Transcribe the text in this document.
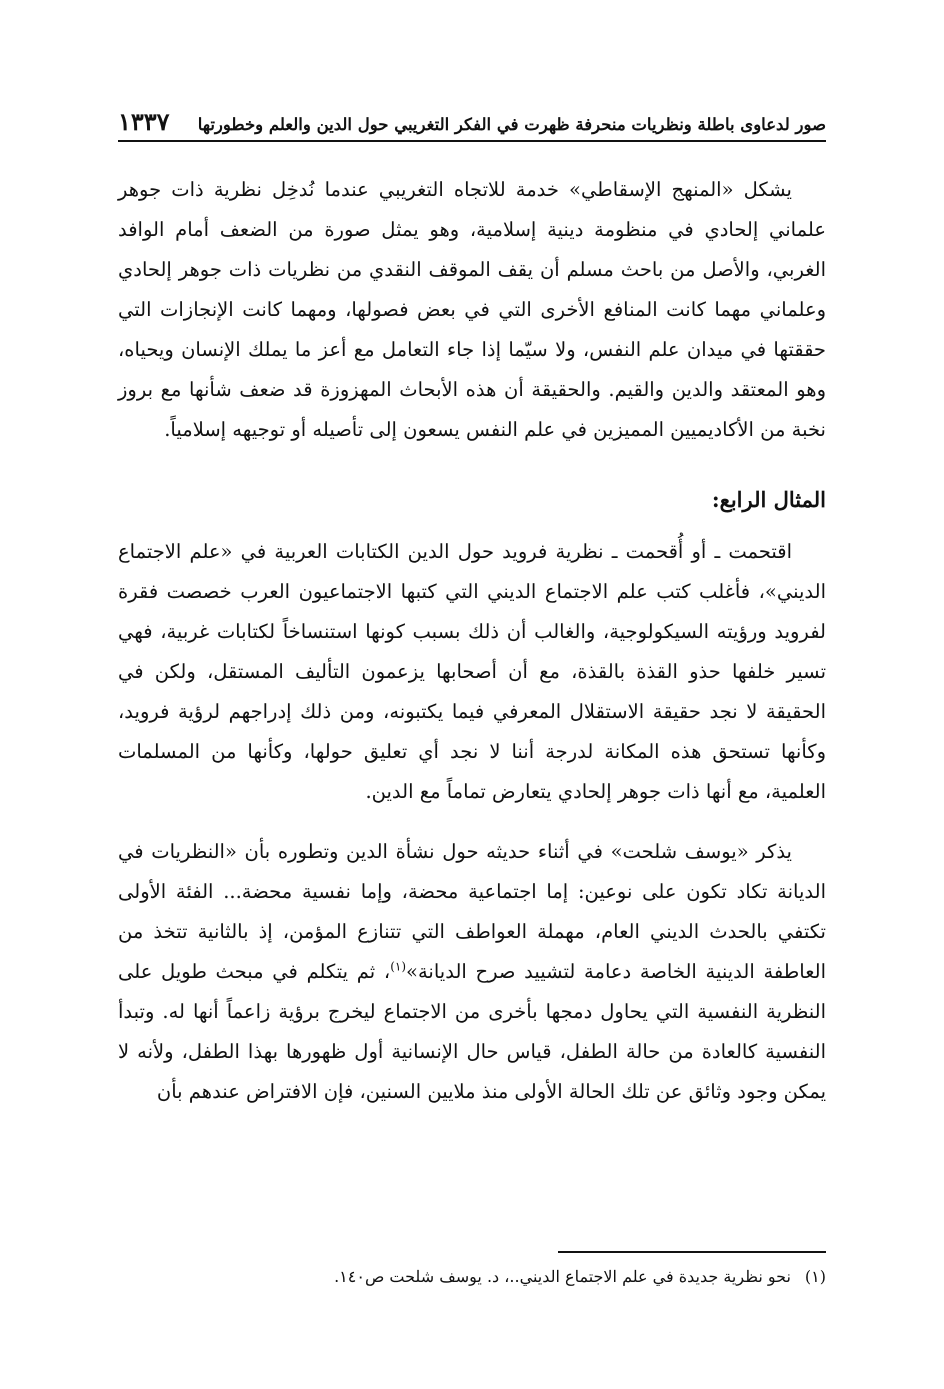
صور لدعاوى باطلة ونظريات منحرفة ظهرت في الفكر التغريبي حول الدين والعلم وخطورتها
١٣٣٧

يشكل «المنهج الإسقاطي» خدمة للاتجاه التغريبي عندما نُدخِل نظرية ذات جوهر علماني إلحادي في منظومة دينية إسلامية، وهو يمثل صورة من الضعف أمام الوافد الغربي، والأصل من باحث مسلم أن يقف الموقف النقدي من نظريات ذات جوهر إلحادي وعلماني مهما كانت المنافع الأخرى التي في بعض فصولها، ومهما كانت الإنجازات التي حققتها في ميدان علم النفس، ولا سيّما إذا جاء التعامل مع أعز ما يملك الإنسان ويحياه، وهو المعتقد والدين والقيم. والحقيقة أن هذه الأبحاث المهزوزة قد ضعف شأنها مع بروز نخبة من الأكاديميين المميزين في علم النفس يسعون إلى تأصيله أو توجيهه إسلامياً.

المثال الرابع:

اقتحمت ـ أو أُقحمت ـ نظرية فرويد حول الدين الكتابات العربية في «علم الاجتماع الديني»، فأغلب كتب علم الاجتماع الديني التي كتبها الاجتماعيون العرب خصصت فقرة لفرويد ورؤيته السيكولوجية، والغالب أن ذلك بسبب كونها استنساخاً لكتابات غربية، فهي تسير خلفها حذو القذة بالقذة، مع أن أصحابها يزعمون التأليف المستقل، ولكن في الحقيقة لا نجد حقيقة الاستقلال المعرفي فيما يكتبونه، ومن ذلك إدراجهم لرؤية فرويد، وكأنها تستحق هذه المكانة لدرجة أننا لا نجد أي تعليق حولها، وكأنها من المسلمات العلمية، مع أنها ذات جوهر إلحادي يتعارض تماماً مع الدين.

يذكر «يوسف شلحت» في أثناء حديثه حول نشأة الدين وتطوره بأن «النظريات في الديانة تكاد تكون على نوعين: إما اجتماعية محضة، وإما نفسية محضة... الفئة الأولى تكتفي بالحدث الديني العام، مهملة العواطف التي تتنازع المؤمن، إذ بالثانية تتخذ من العاطفة الدينية الخاصة دعامة لتشييد صرح الديانة»$^{(١)}$، ثم يتكلم في مبحث طويل على النظرية النفسية التي يحاول دمجها بأخرى من الاجتماع ليخرج برؤية زاعماً أنها له. وتبدأ النفسية كالعادة من حالة الطفل، قياس حال الإنسانية أول ظهورها بهذا الطفل، ولأنه لا يمكن وجود وثائق عن تلك الحالة الأولى منذ ملايين السنين، فإن الافتراض عندهم بأن

(١)نحو نظرية جديدة في علم الاجتماع الديني..، د. يوسف شلحت ص١٤٠.
